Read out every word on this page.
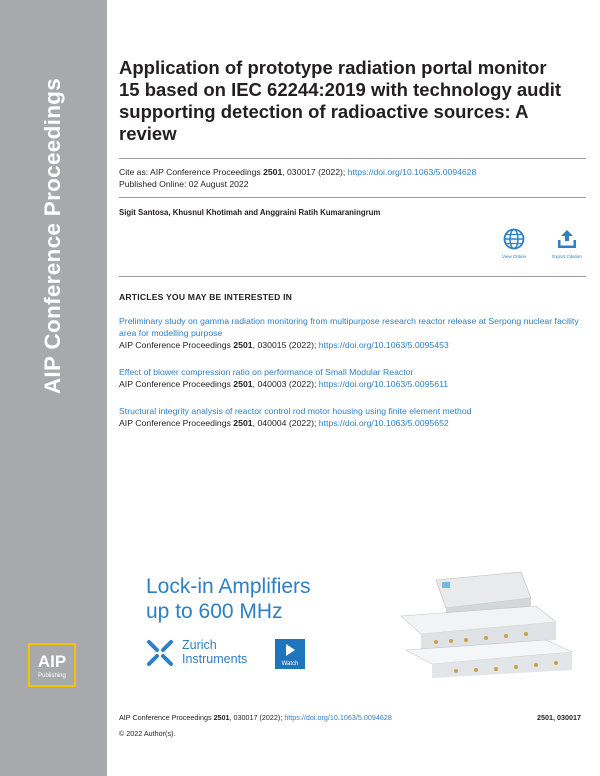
AIP Conference Proceedings
AIP
Publishing
Application of prototype radiation portal monitor 15 based on IEC 62244:2019 with technology audit supporting detection of radioactive sources: A review
Cite as: AIP Conference Proceedings 2501, 030017 (2022); https://doi.org/10.1063/5.0094628
Published Online: 02 August 2022
Sigit Santosa, Khusnul Khotimah and Anggraini Ratih Kumaraningrum
View Online	Export Citation
ARTICLES YOU MAY BE INTERESTED IN
Preliminary study on gamma radiation monitoring from multipurpose research reactor release at Serpong nuclear facility area for modelling purpose
AIP Conference Proceedings 2501, 030015 (2022); https://doi.org/10.1063/5.0095453
Effect of blower compression ratio on performance of Small Modular Reactor
AIP Conference Proceedings 2501, 040003 (2022); https://doi.org/10.1063/5.0095611
Structural integrity analysis of reactor control rod motor housing using finite element method
AIP Conference Proceedings 2501, 040004 (2022); https://doi.org/10.1063/5.0095652
Lock-in Amplifiers
up to 600 MHz
Zurich
Instruments	Watch
AIP Conference Proceedings 2501, 030017 (2022); https://doi.org/10.1063/5.0094628	2501, 030017
© 2022 Author(s).
